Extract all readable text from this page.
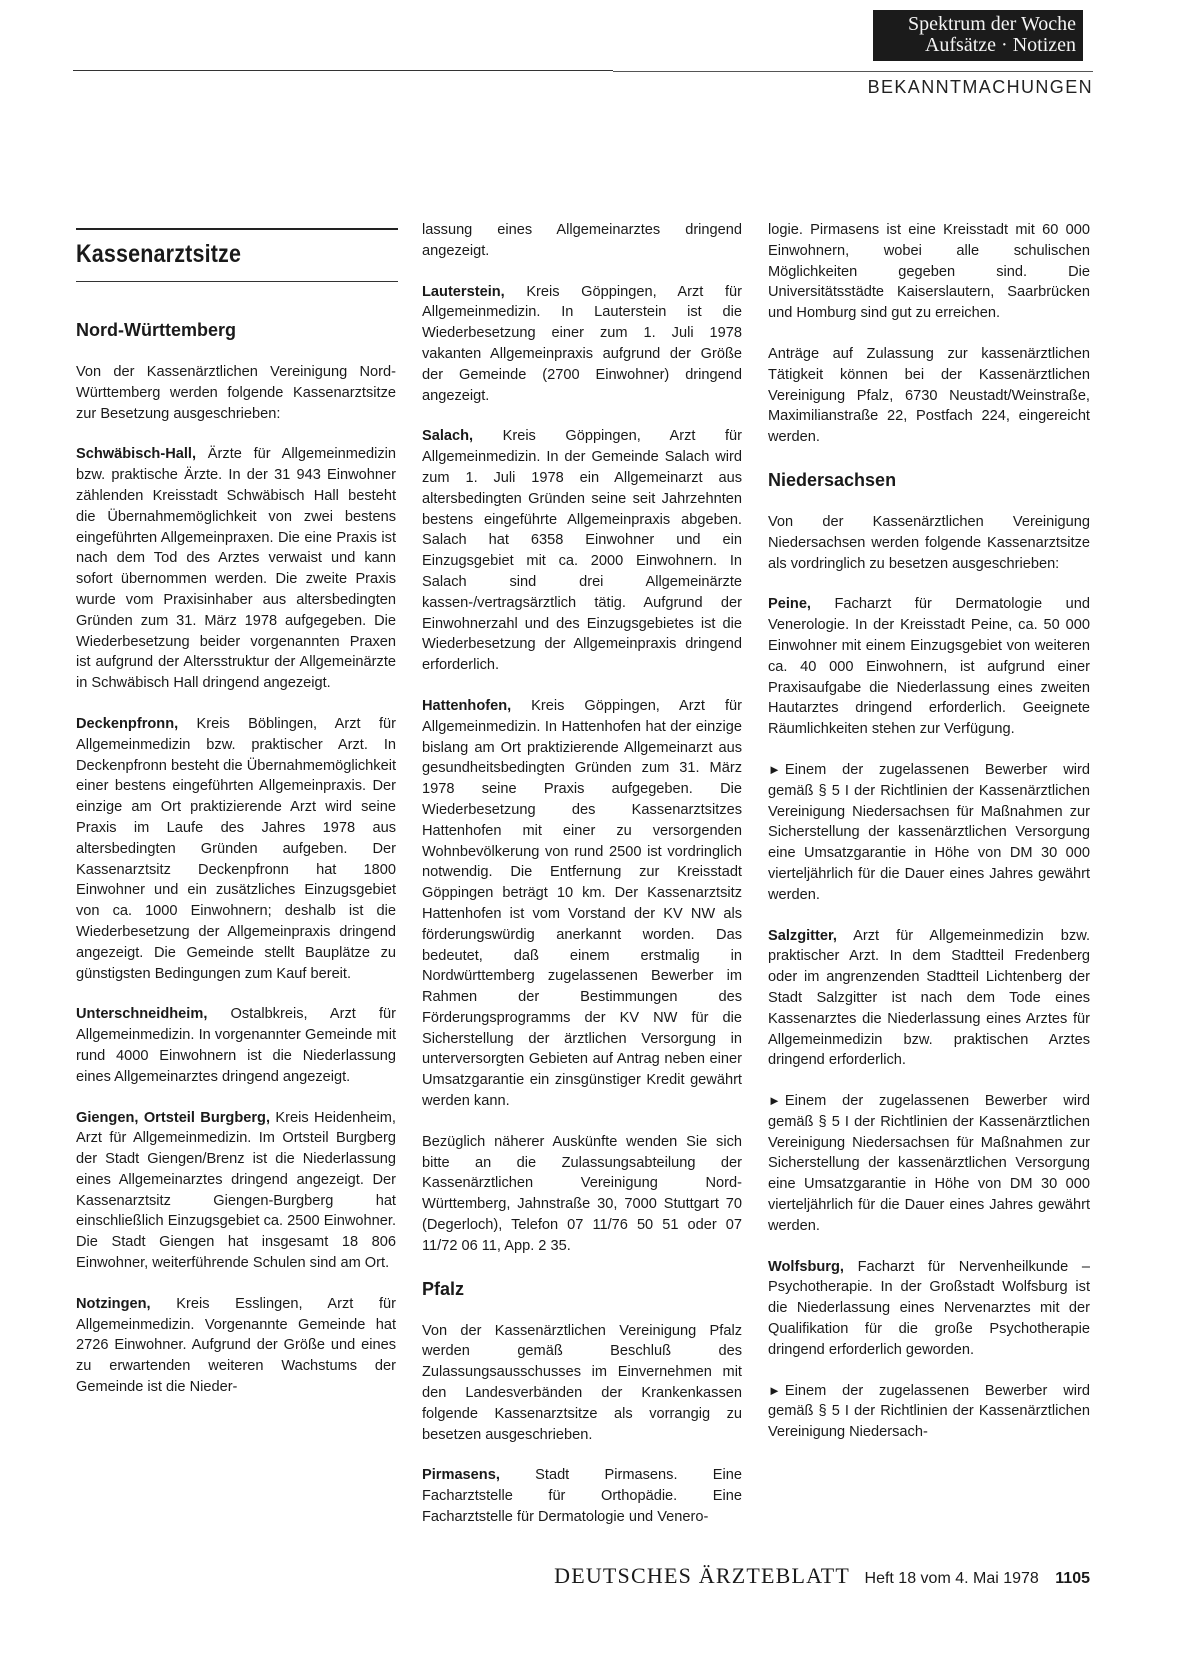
Spektrum der Woche
Aufsätze · Notizen
BEKANNTMACHUNGEN
Kassenarztsitze
Nord-Württemberg

Von der Kassenärztlichen Vereinigung Nord-Württemberg werden folgende Kassenarztsitze zur Besetzung ausgeschrieben:

Schwäbisch-Hall, Ärzte für Allgemeinmedizin bzw. praktische Ärzte. In der 31 943 Einwohner zählenden Kreisstadt Schwäbisch Hall besteht die Übernahmemöglichkeit von zwei bestens eingeführten Allgemeinpraxen. Die eine Praxis ist nach dem Tod des Arztes verwaist und kann sofort übernommen werden. Die zweite Praxis wurde vom Praxisinhaber aus altersbedingten Gründen zum 31. März 1978 aufgegeben. Die Wiederbesetzung beider vorgenannten Praxen ist aufgrund der Altersstruktur der Allgemeinärzte in Schwäbisch Hall dringend angezeigt.

Deckenpfronn, Kreis Böblingen, Arzt für Allgemeinmedizin bzw. praktischer Arzt. In Deckenpfronn besteht die Übernahmemöglichkeit einer bestens eingeführten Allgemeinpraxis. Der einzige am Ort praktizierende Arzt wird seine Praxis im Laufe des Jahres 1978 aus altersbedingten Gründen aufgeben. Der Kassenarztsitz Deckenpfronn hat 1800 Einwohner und ein zusätzliches Einzugsgebiet von ca. 1000 Einwohnern; deshalb ist die Wiederbesetzung der Allgemeinpraxis dringend angezeigt. Die Gemeinde stellt Bauplätze zu günstigsten Bedingungen zum Kauf bereit.

Unterschneidheim, Ostalbkreis, Arzt für Allgemeinmedizin. In vorgenannter Gemeinde mit rund 4000 Einwohnern ist die Niederlassung eines Allgemeinarztes dringend angezeigt.

Giengen, Ortsteil Burgberg, Kreis Heidenheim, Arzt für Allgemeinmedizin. Im Ortsteil Burgberg der Stadt Giengen/Brenz ist die Niederlassung eines Allgemeinarztes dringend angezeigt. Der Kassenarztsitz Giengen-Burgberg hat einschließlich Einzugsgebiet ca. 2500 Einwohner. Die Stadt Giengen hat insgesamt 18 806 Einwohner, weiterführende Schulen sind am Ort.

Notzingen, Kreis Esslingen, Arzt für Allgemeinmedizin. Vorgenannte Gemeinde hat 2726 Einwohner. Aufgrund der Größe und eines zu erwartenden weiteren Wachstums der Gemeinde ist die Nieder-

lassung eines Allgemeinarztes dringend angezeigt.

Lauterstein, Kreis Göppingen, Arzt für Allgemeinmedizin. In Lauterstein ist die Wiederbesetzung einer zum 1. Juli 1978 vakanten Allgemeinpraxis aufgrund der Größe der Gemeinde (2700 Einwohner) dringend angezeigt.

Salach, Kreis Göppingen, Arzt für Allgemeinmedizin. In der Gemeinde Salach wird zum 1. Juli 1978 ein Allgemeinarzt aus altersbedingten Gründen seine seit Jahrzehnten bestens eingeführte Allgemeinpraxis abgeben. Salach hat 6358 Einwohner und ein Einzugsgebiet mit ca. 2000 Einwohnern. In Salach sind drei Allgemeinärzte kassen-/vertragsärztlich tätig. Aufgrund der Einwohnerzahl und des Einzugsgebietes ist die Wiederbesetzung der Allgemeinpraxis dringend erforderlich.

Hattenhofen, Kreis Göppingen, Arzt für Allgemeinmedizin. In Hattenhofen hat der einzige bislang am Ort praktizierende Allgemeinarzt aus gesundheitsbedingten Gründen zum 31. März 1978 seine Praxis aufgegeben. Die Wiederbesetzung des Kassenarztsitzes Hattenhofen mit einer zu versorgenden Wohnbevölkerung von rund 2500 ist vordringlich notwendig. Die Entfernung zur Kreisstadt Göppingen beträgt 10 km. Der Kassenarztsitz Hattenhofen ist vom Vorstand der KV NW als förderungswürdig anerkannt worden. Das bedeutet, daß einem erstmalig in Nordwürttemberg zugelassenen Bewerber im Rahmen der Bestimmungen des Förderungsprogramms der KV NW für die Sicherstellung der ärztlichen Versorgung in unterversorgten Gebieten auf Antrag neben einer Umsatzgarantie ein zinsgünstiger Kredit gewährt werden kann.

Bezüglich näherer Auskünfte wenden Sie sich bitte an die Zulassungsabteilung der Kassenärztlichen Vereinigung Nord-Württemberg, Jahnstraße 30, 7000 Stuttgart 70 (Degerloch), Telefon 07 11/76 50 51 oder 07 11/72 06 11, App. 2 35.

Pfalz

Von der Kassenärztlichen Vereinigung Pfalz werden gemäß Beschluß des Zulassungsausschusses im Einvernehmen mit den Landesverbänden der Krankenkassen folgende Kassenarztsitze als vorrangig zu besetzen ausgeschrieben.

Pirmasens, Stadt Pirmasens. Eine Facharztstelle für Orthopädie. Eine Facharztstelle für Dermatologie und Venero-

logie. Pirmasens ist eine Kreisstadt mit 60 000 Einwohnern, wobei alle schulischen Möglichkeiten gegeben sind. Die Universitätsstädte Kaiserslautern, Saarbrücken und Homburg sind gut zu erreichen.

Anträge auf Zulassung zur kassenärztlichen Tätigkeit können bei der Kassenärztlichen Vereinigung Pfalz, 6730 Neustadt/Weinstraße, Maximilianstraße 22, Postfach 224, eingereicht werden.

Niedersachsen

Von der Kassenärztlichen Vereinigung Niedersachsen werden folgende Kassenarztsitze als vordringlich zu besetzen ausgeschrieben:

Peine, Facharzt für Dermatologie und Venerologie. In der Kreisstadt Peine, ca. 50 000 Einwohner mit einem Einzugsgebiet von weiteren ca. 40 000 Einwohnern, ist aufgrund einer Praxisaufgabe die Niederlassung eines zweiten Hautarztes dringend erforderlich. Geeignete Räumlichkeiten stehen zur Verfügung.

► Einem der zugelassenen Bewerber wird gemäß § 5 I der Richtlinien der Kassenärztlichen Vereinigung Niedersachsen für Maßnahmen zur Sicherstellung der kassenärztlichen Versorgung eine Umsatzgarantie in Höhe von DM 30 000 vierteljährlich für die Dauer eines Jahres gewährt werden.

Salzgitter, Arzt für Allgemeinmedizin bzw. praktischer Arzt. In dem Stadtteil Fredenberg oder im angrenzenden Stadtteil Lichtenberg der Stadt Salzgitter ist nach dem Tode eines Kassenarztes die Niederlassung eines Arztes für Allgemeinmedizin bzw. praktischen Arztes dringend erforderlich.

► Einem der zugelassenen Bewerber wird gemäß § 5 I der Richtlinien der Kassenärztlichen Vereinigung Niedersachsen für Maßnahmen zur Sicherstellung der kassenärztlichen Versorgung eine Umsatzgarantie in Höhe von DM 30 000 vierteljährlich für die Dauer eines Jahres gewährt werden.

Wolfsburg, Facharzt für Nervenheilkunde – Psychotherapie. In der Großstadt Wolfsburg ist die Niederlassung eines Nervenarztes mit der Qualifikation für die große Psychotherapie dringend erforderlich geworden.

► Einem der zugelassenen Bewerber wird gemäß § 5 I der Richtlinien der Kassenärztlichen Vereinigung Niedersach-

DEUTSCHES ÄRZTEBLATT Heft 18 vom 4. Mai 1978 1105
